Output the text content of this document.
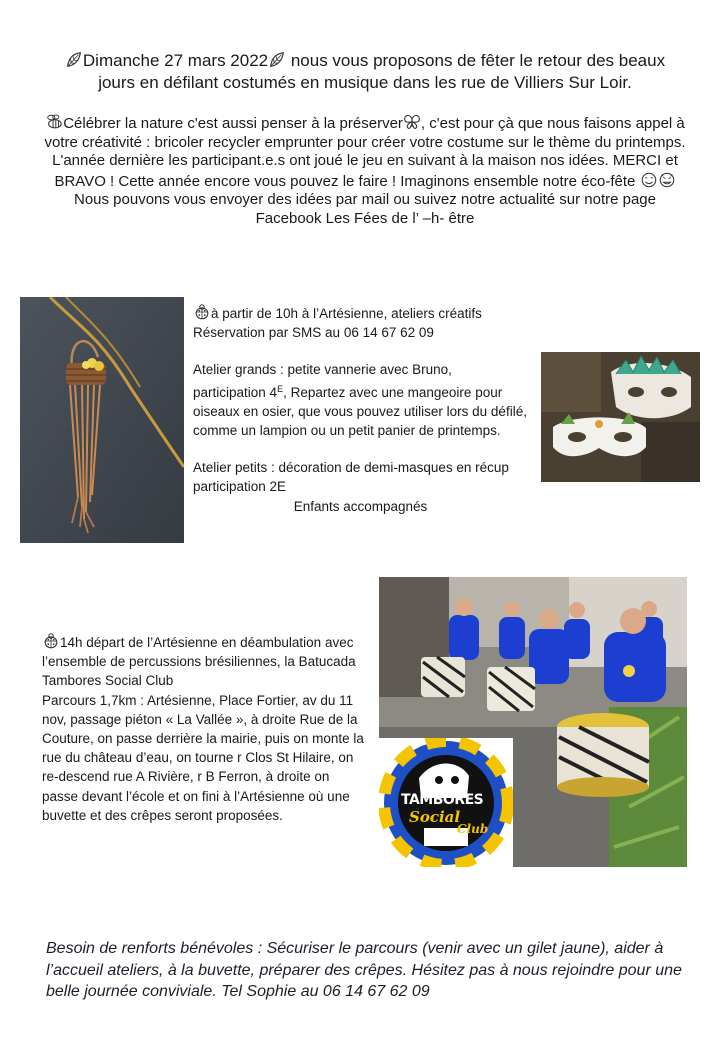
Dimanche 27 mars 2022
nous vous proposons de fêter le retour des beaux
jours en défilant costumés en musique dans les rue de Villiers Sur Loir.

Célébrer la nature c'est aussi penser à la préserver , c'est pour çà que nous faisons appel à votre créativité : bricoler recycler emprunter pour créer votre costume sur le thème du printemps. L'année dernière les participant.e.s ont joué le jeu en suivant à la maison nos idées. MERCI et BRAVO ! Cette année encore vous pouvez le faire ! Imaginons ensemble notre éco-fête
Nous pouvons vous envoyer des idées par mail ou suivez notre actualité sur notre page Facebook Les Fées de l’ –h- être

à partir de 10h à l’Artésienne, ateliers créatifs

Réservation par SMS au 06 14 67 62 09

Atelier grands : petite vannerie avec Bruno, participation $4^E$, Repartez avec une mangeoire pour oiseaux en osier, que vous pouvez utiliser lors du défilé, comme un lampion ou un petit panier de printemps.

Atelier petits : décoration de demi-masques en récup participation 2E

Enfants accompagnés

14h départ de l’Artésienne en déambulation avec l’ensemble de percussions brésiliennes, la Batucada Tambores Social Club

Parcours 1,7km : Artésienne, Place Fortier, av du 11 nov, passage piéton « La Vallée », à droite Rue de la Couture, on passe derrière la mairie, puis on monte la rue du château d’eau, on tourne r Clos St Hilaire, on re-descend rue A Rivière, r B Ferron, à droite on passe devant l’école et on fini à l’Artésienne où une buvette et des crêpes seront proposées.

TAMBORES
Social
Club
Besoin de renforts bénévoles : Sécuriser le parcours (venir avec un gilet jaune), aider à l’accueil ateliers, à la buvette, préparer des crêpes. Hésitez pas à nous rejoindre pour une belle journée conviviale. Tel Sophie au 06 14 67 62 09
